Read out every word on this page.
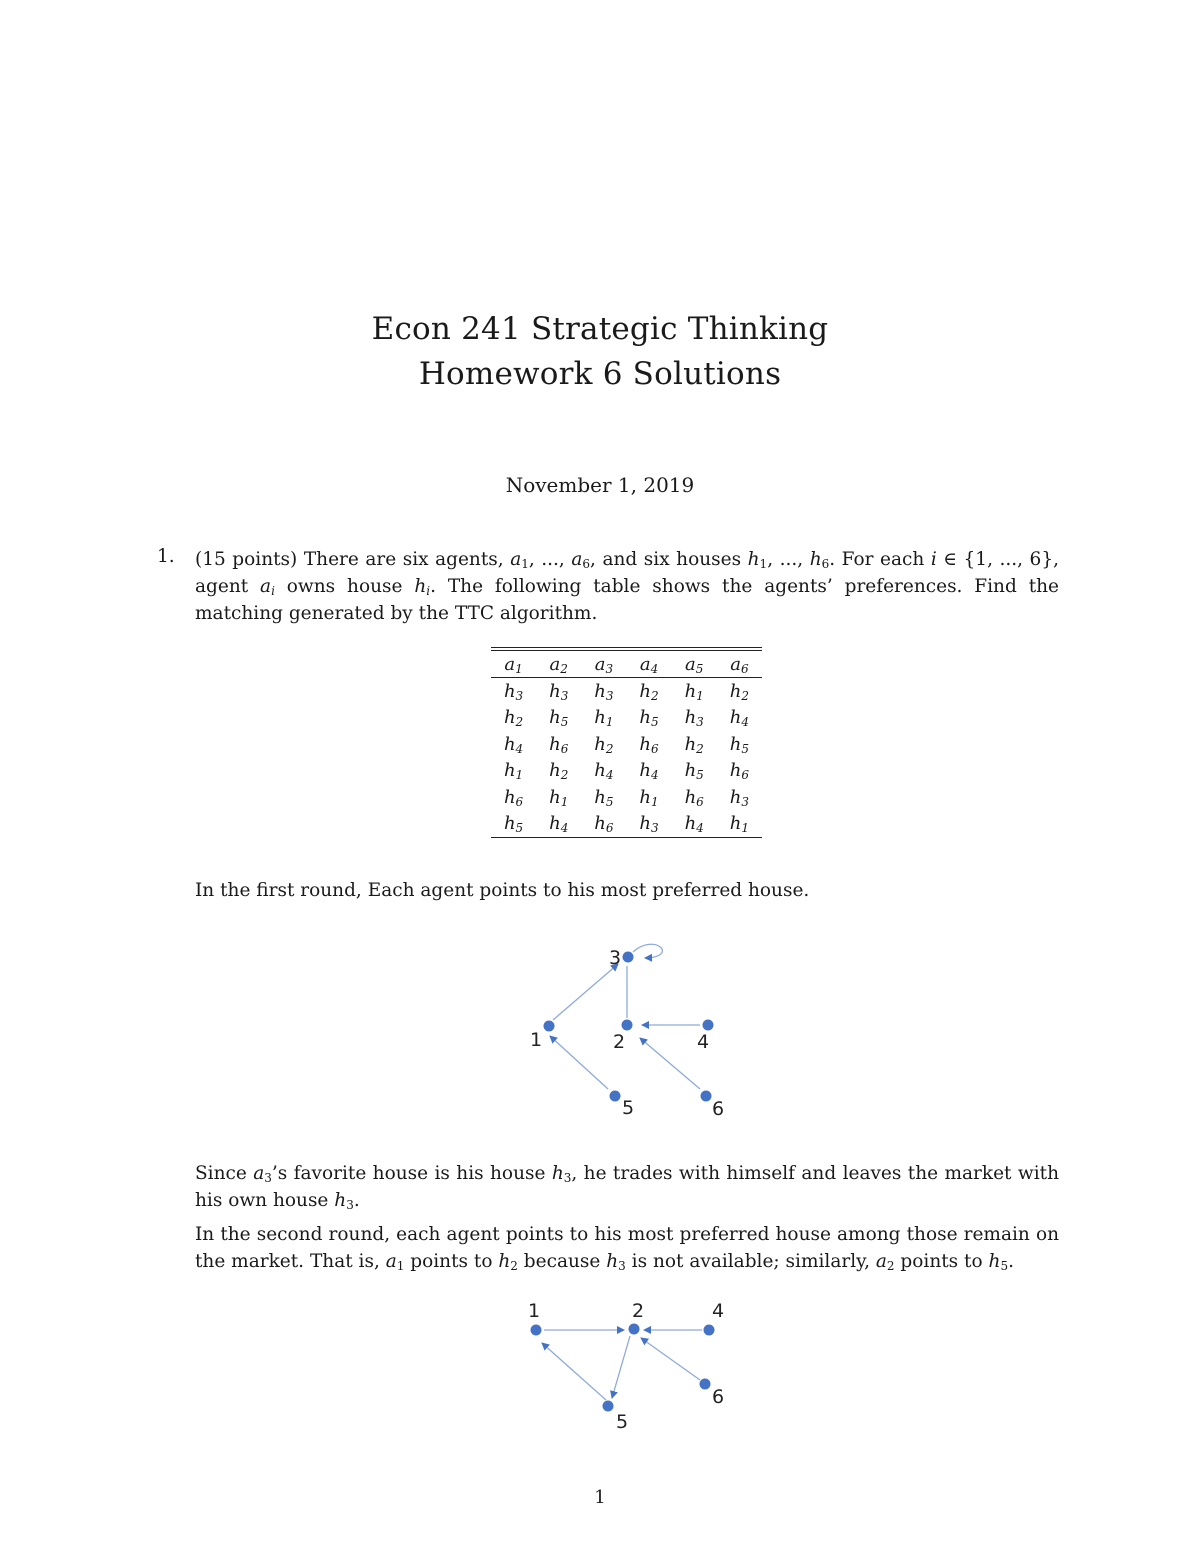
Econ 241 Strategic Thinking
Homework 6 Solutions
November 1, 2019
1. (15 points) There are six agents, $a_1$, ..., $a_6$, and six houses $h_1$, ..., $h_6$. For each i ∈ {1, ..., 6}, agent $a_i$ owns house $h_i$. The following table shows the agents’ preferences. Find the matching generated by the TTC algorithm.
$a_1$	$a_2$	$a_3$	$a_4$	$a_5$	$a_6$
$h_3$	$h_3$	$h_3$	$h_2$	$h_1$	$h_2$
$h_2$	$h_5$	$h_1$	$h_5$	$h_3$	$h_4$
$h_4$	$h_6$	$h_2$	$h_6$	$h_2$	$h_5$
$h_1$	$h_2$	$h_4$	$h_4$	$h_5$	$h_6$
$h_6$	$h_1$	$h_5$	$h_1$	$h_6$	$h_3$
$h_5$	$h_4$	$h_6$	$h_3$	$h_4$	$h_1$
In the first round, Each agent points to his most preferred house.
3
1	2	4
5	6
Since $a_3’s$ favorite house is his house $h_3$, he trades with himself and leaves the market with his own house $h_3$.
In the second round, each agent points to his most preferred house among those remain on the market. That is, $a_1$ points to $h_2$ because $h_3$ is not available; similarly, $a_2$ points to $h_5$.
1	2	4
5
6
1
